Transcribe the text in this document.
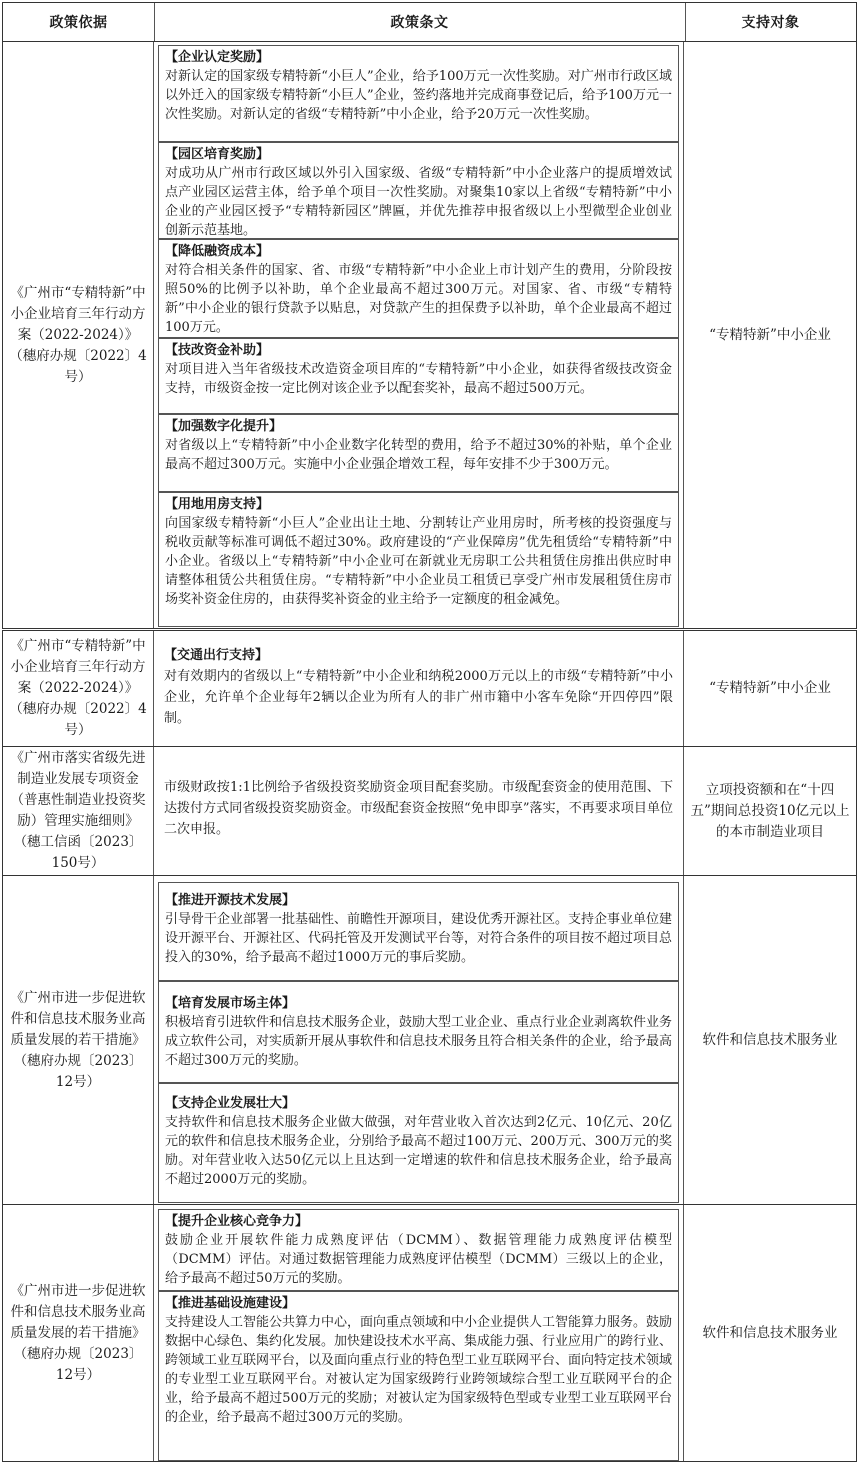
政策依据	政策条文	支持对象
《广州市“专精特新”中小企业培育三年行动方案（2022-2024）》（穗府办规〔2022〕4号）
【企业认定奖励】
对新认定的国家级专精特新“小巨人”企业，给予100万元一次性奖励。对广州市行政区域以外迁入的国家级专精特新“小巨人”企业，签约落地并完成商事登记后，给予100万元一次性奖励。对新认定的省级“专精特新”中小企业，给予20万元一次性奖励。
【园区培育奖励】
对成功从广州市行政区域以外引入国家级、省级“专精特新”中小企业落户的提质增效试点产业园区运营主体，给予单个项目一次性奖励。对聚集10家以上省级“专精特新”中小企业的产业园区授予“专精特新园区”牌匾，并优先推荐申报省级以上小型微型企业创业创新示范基地。
【降低融资成本】
对符合相关条件的国家、省、市级“专精特新”中小企业上市计划产生的费用，分阶段按照50%的比例予以补助，单个企业最高不超过300万元。对国家、省、市级“专精特新”中小企业的银行贷款予以贴息，对贷款产生的担保费予以补助，单个企业最高不超过100万元。
【技改资金补助】
对项目进入当年省级技术改造资金项目库的“专精特新”中小企业，如获得省级技改资金支持，市级资金按一定比例对该企业予以配套奖补，最高不超过500万元。
【加强数字化提升】
对省级以上“专精特新”中小企业数字化转型的费用，给予不超过30%的补贴，单个企业最高不超过300万元。实施中小企业强企增效工程，每年安排不少于300万元。
【用地用房支持】
向国家级专精特新“小巨人”企业出让土地、分割转让产业用房时，所考核的投资强度与税收贡献等标准可调低不超过30%。政府建设的“产业保障房”优先租赁给“专精特新”中小企业。省级以上“专精特新”中小企业可在新就业无房职工公共租赁住房推出供应时申请整体租赁公共租赁住房。“专精特新”中小企业员工租赁已享受广州市发展租赁住房市场奖补资金住房的，由获得奖补资金的业主给予一定额度的租金减免。
“专精特新”中小企业
《广州市“专精特新”中小企业培育三年行动方案（2022-2024）》（穗府办规〔2022〕4号）
【交通出行支持】
对有效期内的省级以上“专精特新”中小企业和纳税2000万元以上的市级“专精特新”中小企业，允许单个企业每年2辆以企业为所有人的非广州市籍中小客车免除“开四停四”限制。
“专精特新”中小企业
《广州市落实省级先进制造业发展专项资金（普惠性制造业投资奖励）管理实施细则》（穗工信函〔2023〕150号）
市级财政按1:1比例给予省级投资奖励资金项目配套奖励。市级配套资金的使用范围、下达拨付方式同省级投资奖励资金。市级配套资金按照“免申即享”落实，不再要求项目单位二次申报。
立项投资额和在“十四五”期间总投资10亿元以上的本市制造业项目
《广州市进一步促进软件和信息技术服务业高质量发展的若干措施》（穗府办规〔2023〕12号）
【推进开源技术发展】
引导骨干企业部署一批基础性、前瞻性开源项目，建设优秀开源社区。支持企事业单位建设开源平台、开源社区、代码托管及开发测试平台等，对符合条件的项目按不超过项目总投入的30%，给予最高不超过1000万元的事后奖励。
【培育发展市场主体】
积极培育引进软件和信息技术服务企业，鼓励大型工业企业、重点行业企业剥离软件业务成立软件公司，对实质新开展从事软件和信息技术服务且符合相关条件的企业，给予最高不超过300万元的奖励。
【支持企业发展壮大】
支持软件和信息技术服务企业做大做强，对年营业收入首次达到2亿元、10亿元、20亿元的软件和信息技术服务企业，分别给予最高不超过100万元、200万元、300万元的奖励。对年营业收入达50亿元以上且达到一定增速的软件和信息技术服务企业，给予最高不超过2000万元的奖励。
软件和信息技术服务业
《广州市进一步促进软件和信息技术服务业高质量发展的若干措施》（穗府办规〔2023〕12号）
【提升企业核心竞争力】
鼓励企业开展软件能力成熟度评估（DCMM）、数据管理能力成熟度评估模型（DCMM）评估。对通过数据管理能力成熟度评估模型（DCMM）三级以上的企业，给予最高不超过50万元的奖励。
【推进基础设施建设】
支持建设人工智能公共算力中心，面向重点领域和中小企业提供人工智能算力服务。鼓励数据中心绿色、集约化发展。加快建设技术水平高、集成能力强、行业应用广的跨行业、跨领域工业互联网平台，以及面向重点行业的特色型工业互联网平台、面向特定技术领域的专业型工业互联网平台。对被认定为国家级跨行业跨领域综合型工业互联网平台的企业，给予最高不超过500万元的奖励；对被认定为国家级特色型或专业型工业互联网平台的企业，给予最高不超过300万元的奖励。
软件和信息技术服务业
